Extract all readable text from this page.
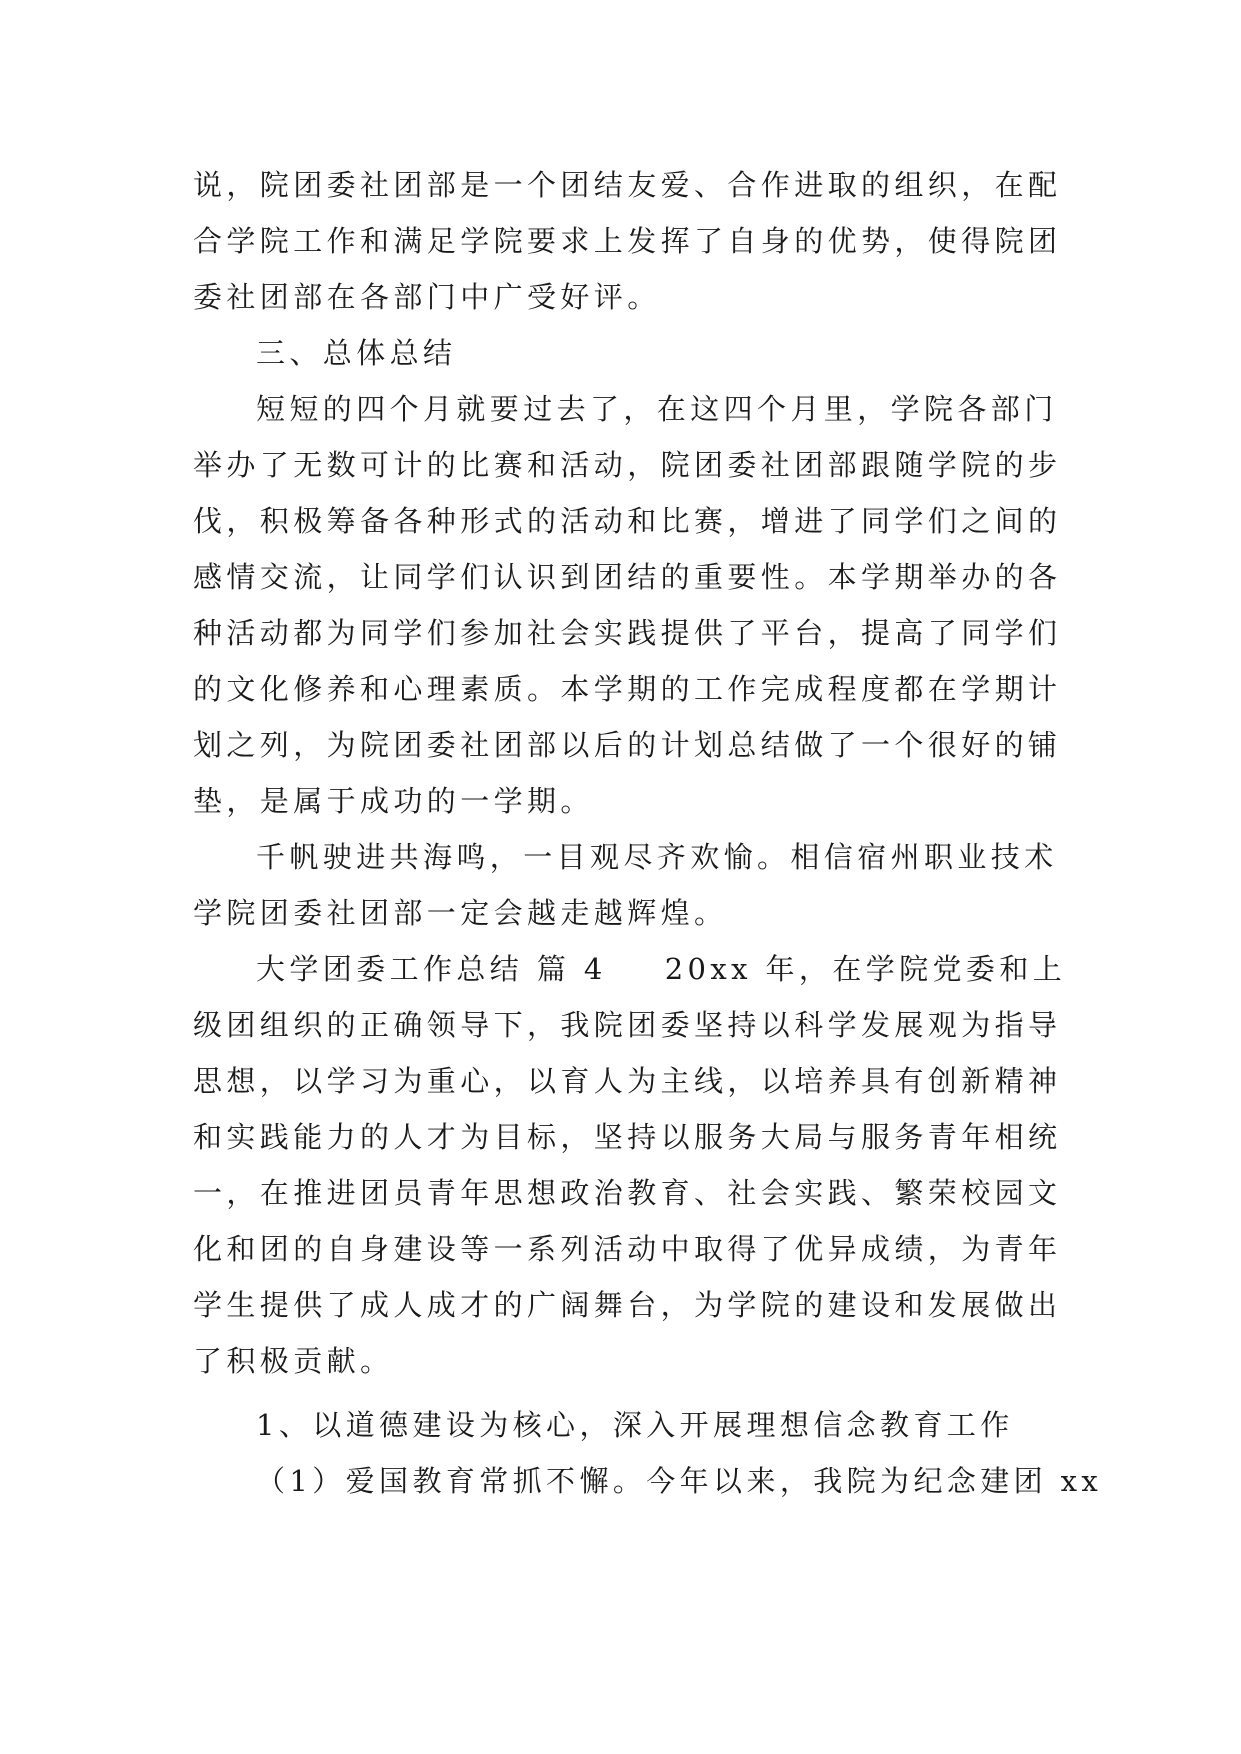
说，院团委社团部是一个团结友爱、合作进取的组织，在配
合学院工作和满足学院要求上发挥了自身的优势，使得院团
委社团部在各部门中广受好评。
三、总体总结
短短的四个月就要过去了，在这四个月里，学院各部门
举办了无数可计的比赛和活动，院团委社团部跟随学院的步
伐，积极筹备各种形式的活动和比赛，增进了同学们之间的
感情交流，让同学们认识到团结的重要性。本学期举办的各
种活动都为同学们参加社会实践提供了平台，提高了同学们
的文化修养和心理素质。本学期的工作完成程度都在学期计
划之列，为院团委社团部以后的计划总结做了一个很好的铺
垫，是属于成功的一学期。
千帆驶进共海鸣，一目观尽齐欢愉。相信宿州职业技术
学院团委社团部一定会越走越辉煌。
大学团委工作总结 篇 4 20xx 年，在学院党委和上
级团组织的正确领导下，我院团委坚持以科学发展观为指导
思想，以学习为重心，以育人为主线，以培养具有创新精神
和实践能力的人才为目标，坚持以服务大局与服务青年相统
一，在推进团员青年思想政治教育、社会实践、繁荣校园文
化和团的自身建设等一系列活动中取得了优异成绩，为青年
学生提供了成人成才的广阔舞台，为学院的建设和发展做出
了积极贡献。
1、以道德建设为核心，深入开展理想信念教育工作
（1）爱国教育常抓不懈。今年以来，我院为纪念建团 xx
